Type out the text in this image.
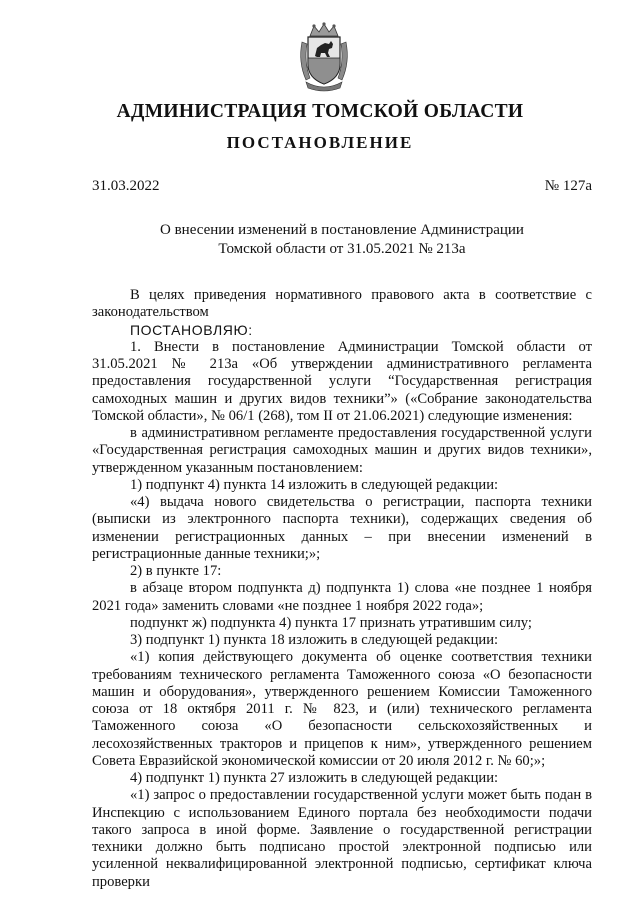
АДМИНИСТРАЦИЯ ТОМСКОЙ ОБЛАСТИ
ПОСТАНОВЛЕНИЕ
31.03.2022	№ 127а
О внесении изменений в постановление Администрации
Томской области от 31.05.2021 № 213а

В целях приведения нормативного правового акта в соответствие с законодательством

ПОСТАНОВЛЯЮ:

1. Внести в постановление Администрации Томской области от 31.05.2021 № 213а «Об утверждении административного регламента предоставления государственной услуги “Государственная регистрация самоходных машин и других видов техники”» («Собрание законодательства Томской области», № 06/1 (268), том II от 21.06.2021) следующие изменения:

в административном регламенте предоставления государственной услуги «Государственная регистрация самоходных машин и других видов техники», утвержденном указанным постановлением:

1) подпункт 4) пункта 14 изложить в следующей редакции:

«4) выдача нового свидетельства о регистрации, паспорта техники (выписки из электронного паспорта техники), содержащих сведения об изменении регистрационных данных – при внесении изменений в регистрационные данные техники;»;

2) в пункте 17:

в абзаце втором подпункта д) подпункта 1) слова «не позднее 1 ноября 2021 года» заменить словами «не позднее 1 ноября 2022 года»;

подпункт ж) подпункта 4) пункта 17 признать утратившим силу;

3) подпункт 1) пункта 18 изложить в следующей редакции:

«1) копия действующего документа об оценке соответствия техники требованиям технического регламента Таможенного союза «О безопасности машин и оборудования», утвержденного решением Комиссии Таможенного союза от 18 октября 2011 г. № 823, и (или) технического регламента Таможенного союза «О безопасности сельскохозяйственных и лесохозяйственных тракторов и прицепов к ним», утвержденного решением Совета Евразийской экономической комиссии от 20 июля 2012 г. № 60;»;

4) подпункт 1) пункта 27 изложить в следующей редакции:

«1) запрос о предоставлении государственной услуги может быть подан в Инспекцию с использованием Единого портала без необходимости подачи такого запроса в иной форме. Заявление о государственной регистрации техники должно быть подписано простой электронной подписью или усиленной неквалифицированной электронной подписью, сертификат ключа проверки
